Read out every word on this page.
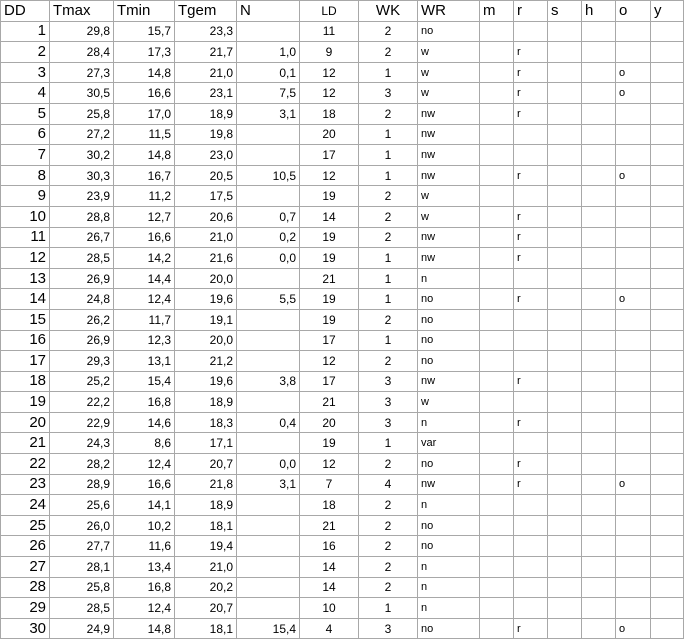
DD	Tmax	Tmin	Tgem	N	LD	WK	WR	m	r	s	h	o	y
1	29,8	15,7	23,3		11	2	no						
2	28,4	17,3	21,7	1,0	9	2	w		r				
3	27,3	14,8	21,0	0,1	12	1	w		r			o	
4	30,5	16,6	23,1	7,5	12	3	w		r			o	
5	25,8	17,0	18,9	3,1	18	2	nw		r				
6	27,2	11,5	19,8		20	1	nw						
7	30,2	14,8	23,0		17	1	nw						
8	30,3	16,7	20,5	10,5	12	1	nw		r			o	
9	23,9	11,2	17,5		19	2	w						
10	28,8	12,7	20,6	0,7	14	2	w		r				
11	26,7	16,6	21,0	0,2	19	2	nw		r				
12	28,5	14,2	21,6	0,0	19	1	nw		r				
13	26,9	14,4	20,0		21	1	n						
14	24,8	12,4	19,6	5,5	19	1	no		r			o	
15	26,2	11,7	19,1		19	2	no						
16	26,9	12,3	20,0		17	1	no						
17	29,3	13,1	21,2		12	2	no						
18	25,2	15,4	19,6	3,8	17	3	nw		r				
19	22,2	16,8	18,9		21	3	w						
20	22,9	14,6	18,3	0,4	20	3	n		r				
21	24,3	8,6	17,1		19	1	var						
22	28,2	12,4	20,7	0,0	12	2	no		r				
23	28,9	16,6	21,8	3,1	7	4	nw		r			o	
24	25,6	14,1	18,9		18	2	n						
25	26,0	10,2	18,1		21	2	no						
26	27,7	11,6	19,4		16	2	no						
27	28,1	13,4	21,0		14	2	n						
28	25,8	16,8	20,2		14	2	n						
29	28,5	12,4	20,7		10	1	n						
30	24,9	14,8	18,1	15,4	4	3	no		r			o	
